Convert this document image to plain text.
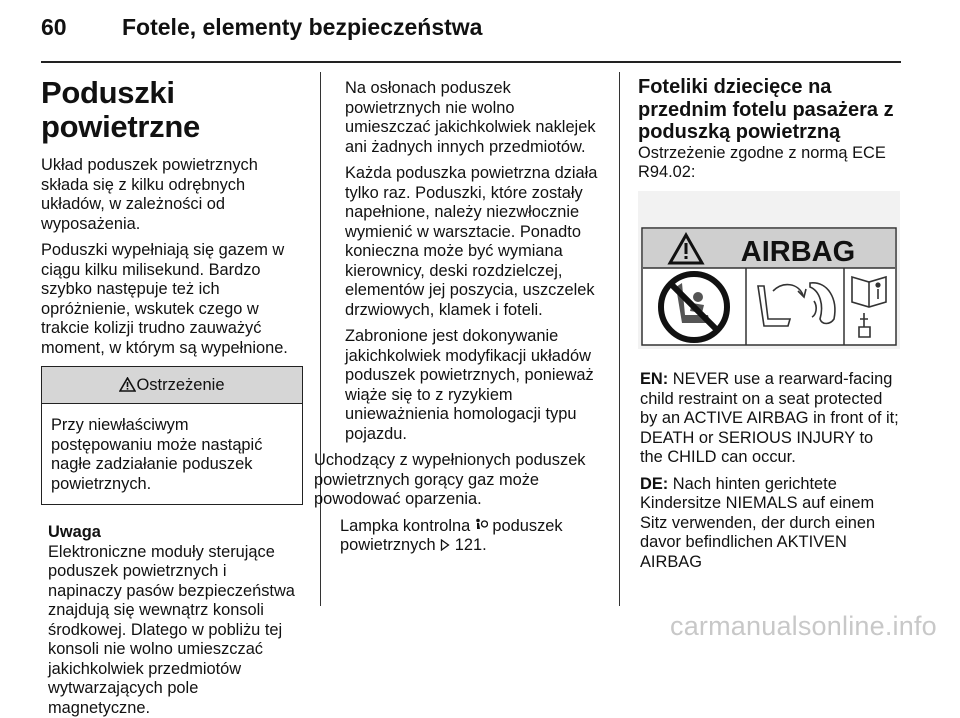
60 Fotele, elementy bezpieczeństwa
Poduszki powietrzne

Układ poduszek powietrznych składa się z kilku odrębnych układów, w zależności od wyposażenia.

Poduszki wypełniają się gazem w ciągu kilku milisekund. Bardzo szybko następuje też ich opróżnienie, wskutek czego w trakcie kolizji trudno zauważyć moment, w którym są wypełnione.

Ostrzeżenie
Przy niewłaściwym postępowaniu może nastąpić nagłe zadziałanie poduszek powietrznych.
Uwaga
Elektroniczne moduły sterujące poduszek powietrznych i napinaczy pasów bezpieczeństwa znajdują się wewnątrz konsoli środkowej. Dlatego w pobliżu tej konsoli nie wolno umieszczać jakichkolwiek przedmiotów wytwarzających pole magnetyczne.

Na osłonach poduszek powietrznych nie wolno umieszczać jakichkolwiek naklejek ani żadnych innych przedmiotów.

Każda poduszka powietrzna działa tylko raz. Poduszki, które zostały napełnione, należy niezwłocznie wymienić w warsztacie. Ponadto konieczna może być wymiana kierownicy, deski rozdzielczej, elementów jej poszycia, uszczelek drzwiowych, klamek i foteli.

Zabronione jest dokonywanie jakichkolwiek modyfikacji układów poduszek powietrznych, ponieważ wiąże się to z ryzykiem unieważnienia homologacji typu pojazdu.

Uchodzący z wypełnionych poduszek powietrznych gorący gaz może powodować oparzenia.

Lampka kontrolna poduszek powietrznych 121.

Foteliki dziecięce na przednim fotelu pasażera z poduszką powietrzną

Ostrzeżenie zgodne z normą ECE R94.02:

AIRBAG

EN: NEVER use a rearward-facing child restraint on a seat protected by an ACTIVE AIRBAG in front of it; DEATH or SERIOUS INJURY to the CHILD can occur.

DE: Nach hinten gerichtete Kindersitze NIEMALS auf einem Sitz verwenden, der durch einen davor befindlichen AKTIVEN AIRBAG

carmanualsonline.info
